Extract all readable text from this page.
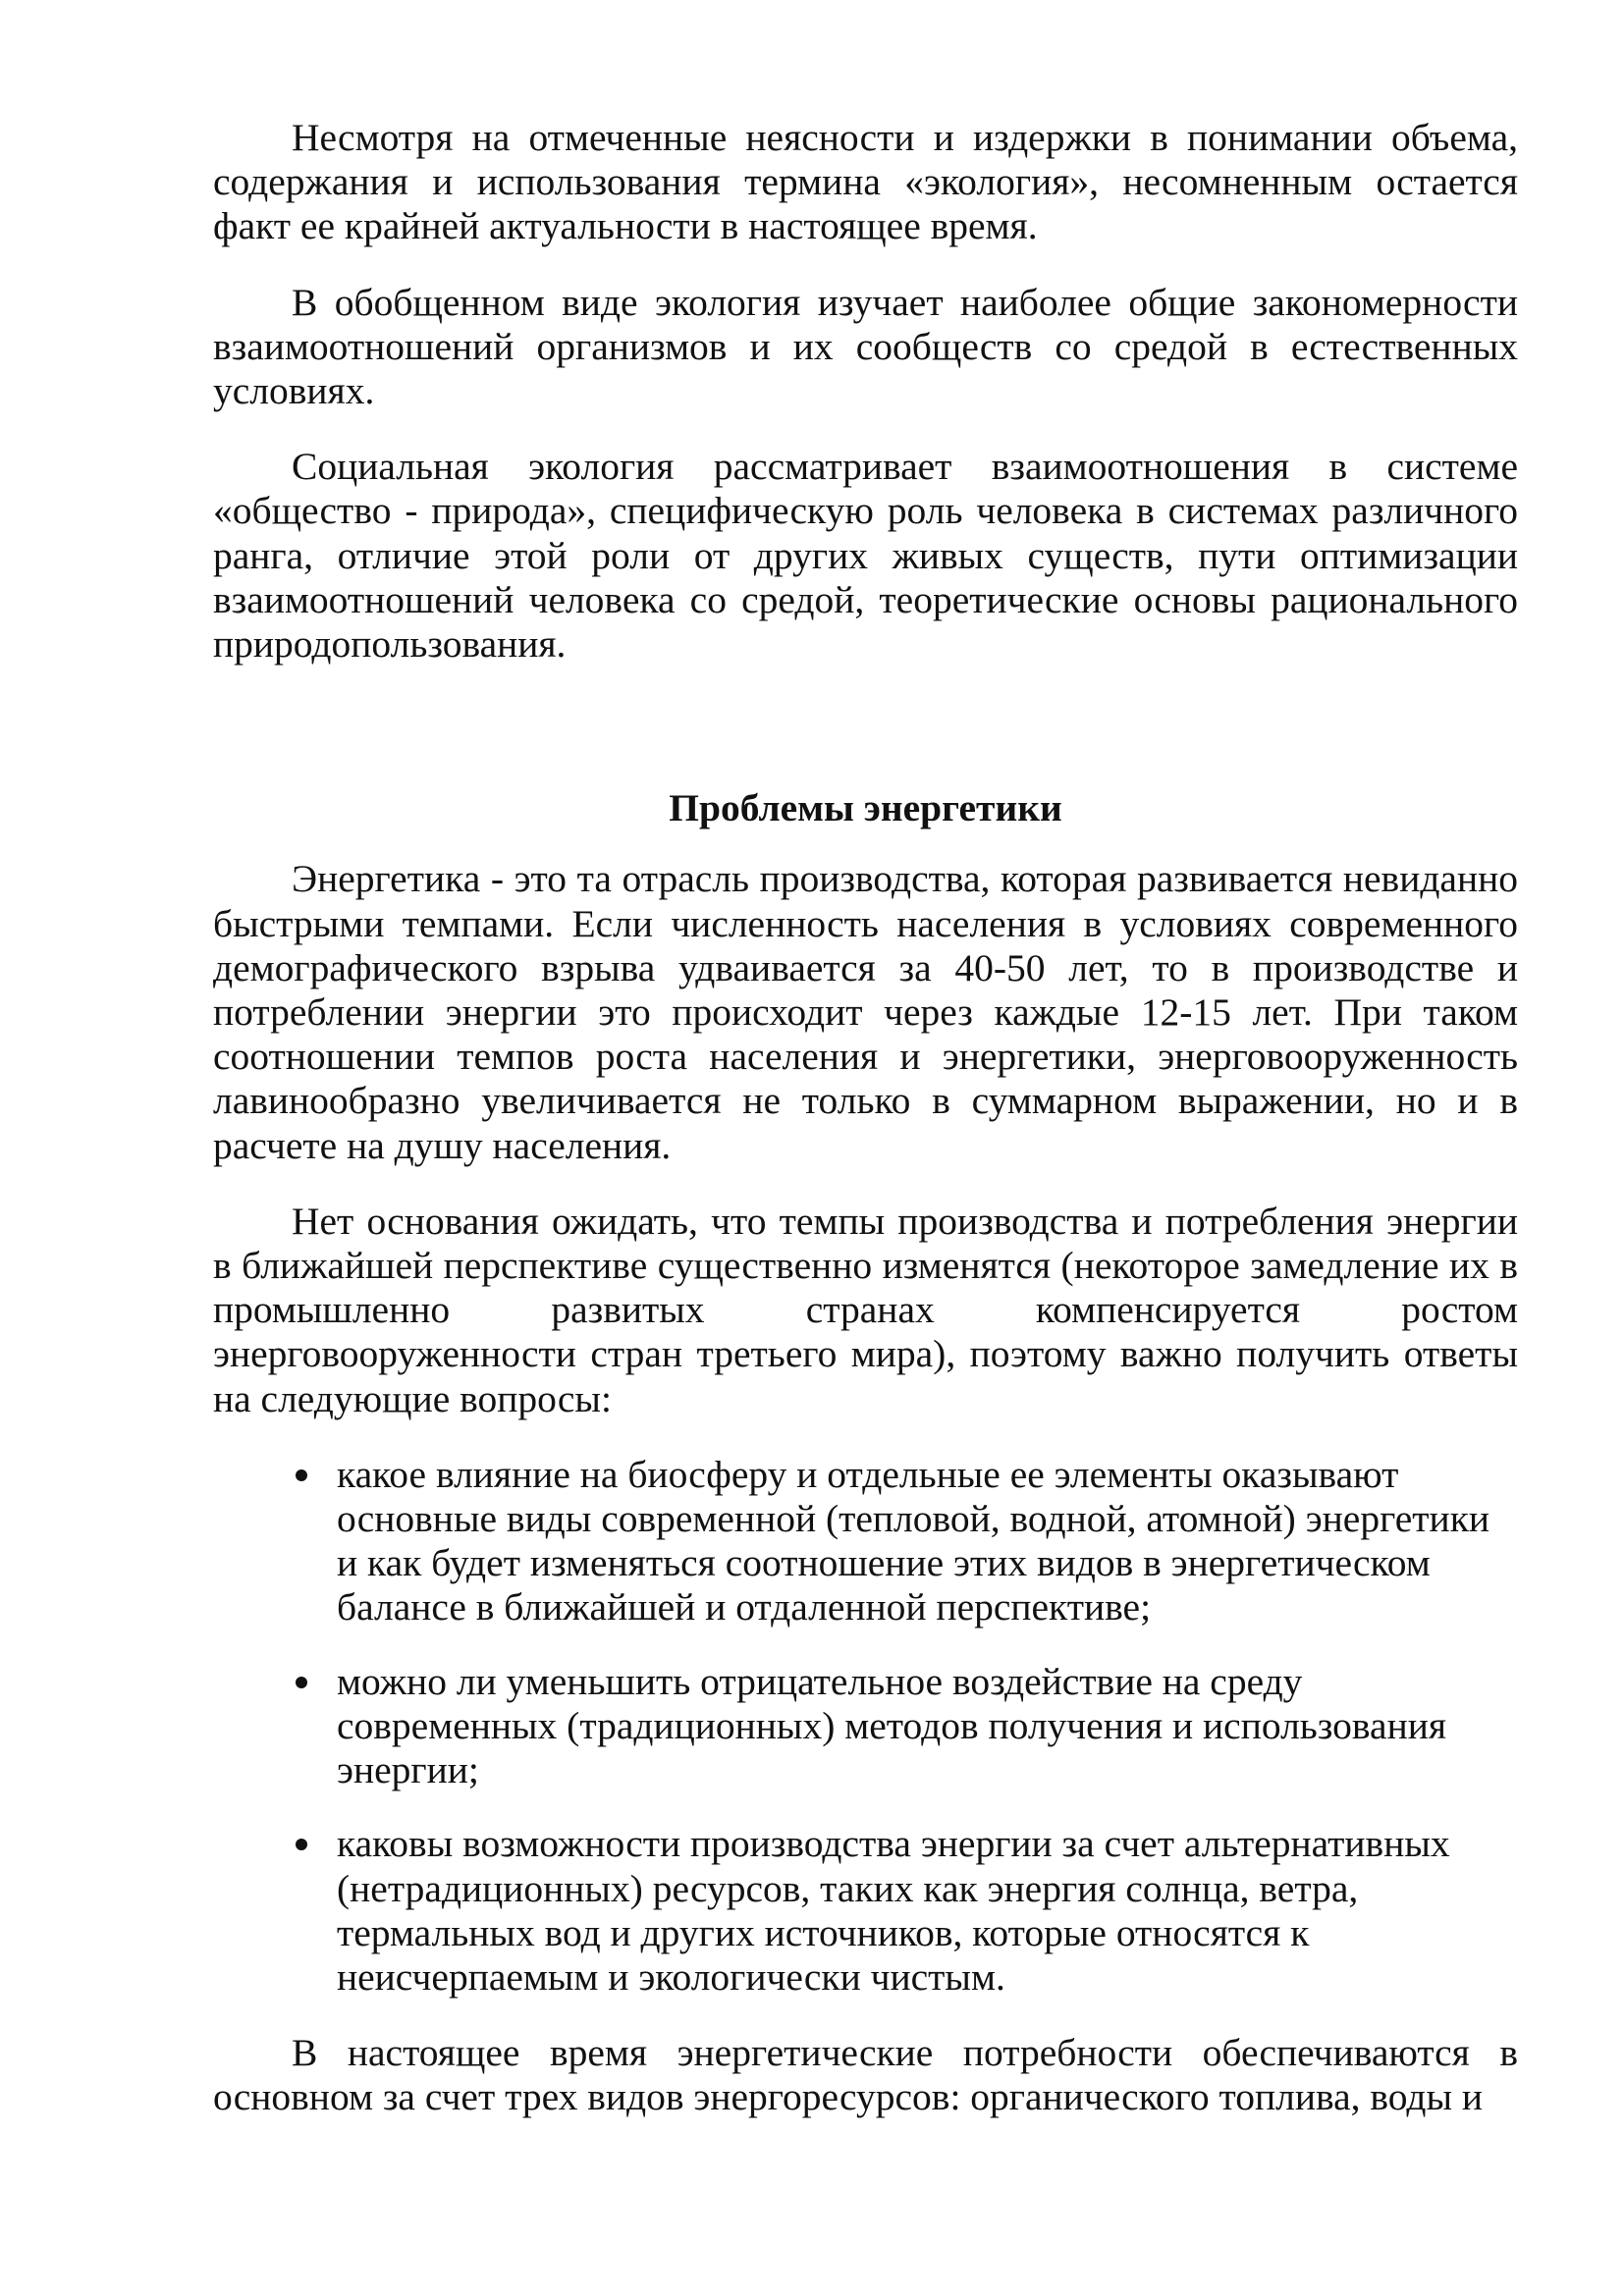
Несмотря на отмеченные неясности и издержки в понимании объема, содержания и использования термина «экология», несомненным остается факт ее крайней актуальности в настоящее время.

В обобщенном виде экология изучает наиболее общие закономерности взаимоотношений организмов и их сообществ со средой в естественных условиях.

Социальная экология рассматривает взаимоотношения в системе «общество - природа», специфическую роль человека в системах различного ранга, отличие этой роли от других живых существ, пути оптимизации взаимоотношений человека со средой, теоретические основы рационального природопользования.

Проблемы энергетики

Энергетика - это та отрасль производства, которая развивается невиданно быстрыми темпами. Если численность населения в условиях современного демографического взрыва удваивается за 40-50 лет, то в производстве и потреблении энергии это происходит через каждые 12-15 лет. При таком соотношении темпов роста населения и энергетики, энерговооруженность лавинообразно увеличивается не только в суммарном выражении, но и в расчете на душу населения.

Нет основания ожидать, что темпы производства и потребления энергии в ближайшей перспективе существенно изменятся (некоторое замедление их в промышленно развитых странах компенсируется ростом энерговооруженности стран третьего мира), поэтому важно получить ответы на следующие вопросы:

какое влияние на биосферу и отдельные ее элементы оказывают основные виды современной (тепловой, водной, атомной) энергетики и как будет изменяться соотношение этих видов в энергетическом балансе в ближайшей и отдаленной перспективе;
можно ли уменьшить отрицательное воздействие на среду современных (традиционных) методов получения и использования энергии;
каковы возможности производства энергии за счет альтернативных (нетрадиционных) ресурсов, таких как энергия солнца, ветра, термальных вод и других источников, которые относятся к неисчерпаемым и экологически чистым.

В настоящее время энергетические потребности обеспечиваются в основном за счет трех видов энергоресурсов: органического топлива, воды и
